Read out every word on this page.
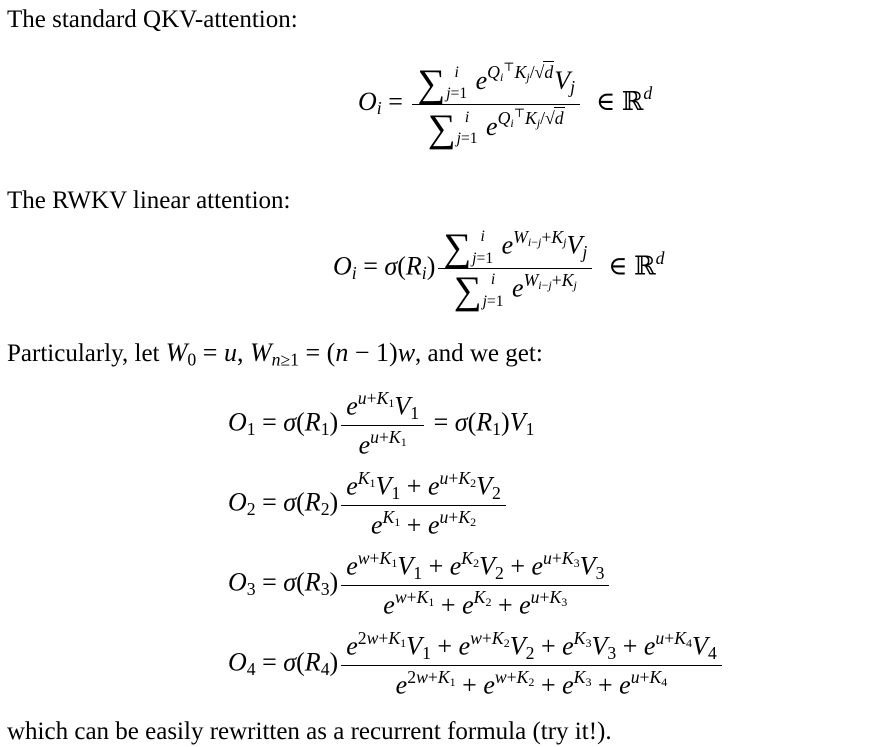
The standard QKV-attention:

Oi = ∑ i
j=1 $e^{Qi^⊤Kj/√d}Vj$
∑ i
j=1 $e^{Qi^⊤Kj/√d}$ ∈ ℝ$^d$

The RWKV linear attention:

Oi = σ(Ri) ∑ i
j=1 $e^{Wi-j+Kj}Vj$
∑ i
j=1 $e^{Wi-j+Kj}$ ∈ ℝ$^d$

Particularly, let W0 = u, Wn≥1 = (n − 1)w, and we get:

$O1 = \sigma(R1) \frac{e^{u+K1}V1}{e^{u+K1}} = \sigma(R1)V1$
$O2 = \sigma(R2) \frac{e^{K1}V1 + e^{u+K2}V2}{e^{K1} + e^{u+K2}}$
$O3 = \sigma(R3) \frac{e^{w+K1}V1 + e^{K2}V2 + e^{u+K3}V3}{e^{w+K1} + e^{K2} + e^{u+K3}}$
$O4 = \sigma(R4) \frac{e^{2w+K1}V1 + e^{w+K2}V2 + e^{K3}V3 + e^{u+K4}V4}{e^{2w+K1} + e^{w+K2} + e^{K3} + e^{u+K4}}$

which can be easily rewritten as a recurrent formula (try it!).
